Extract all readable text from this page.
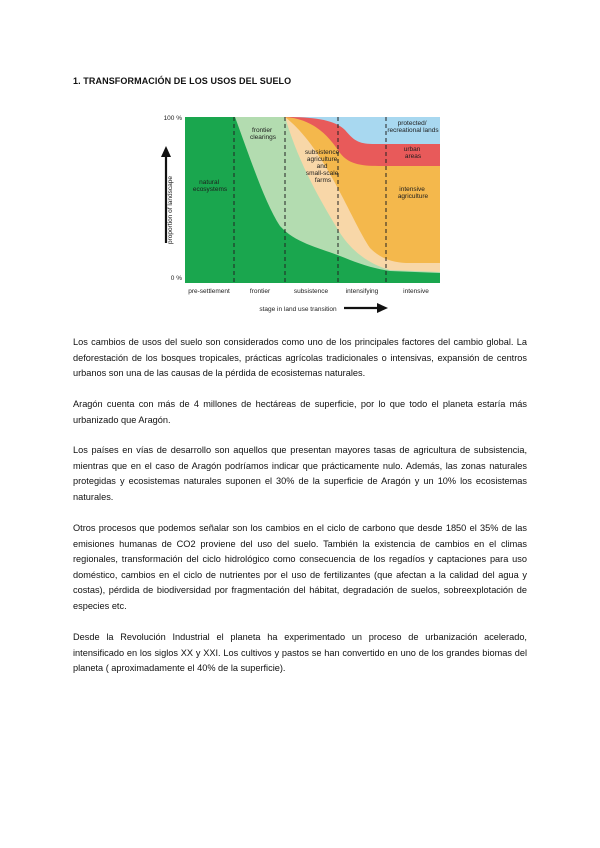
1. TRANSFORMACIÓN DE LOS USOS DEL SUELO
100 %
0 %
proportion of landscape
pre-settlement	frontier	subsistence	intensifying	intensive
stage in land use transition
natural ecosystems
frontier clearings
subsistence agriculture and small-scale farms
protected/ recreational lands
urban areas
intensive agriculture

Los cambios de usos del suelo son considerados como uno de los principales factores del cambio global. La deforestación de los bosques tropicales, prácticas agrícolas tradicionales o intensivas, expansión de centros urbanos son una de las causas de la pérdida de ecosistemas naturales.

Aragón cuenta con más de 4 millones de hectáreas de superficie, por lo que todo el planeta estaría más urbanizado que Aragón.

Los países en vías de desarrollo son aquellos que presentan mayores tasas de agricultura de subsistencia, mientras que en el caso de Aragón podríamos indicar que prácticamente nulo. Además, las zonas naturales protegidas y ecosistemas naturales suponen el 30% de la superficie de Aragón y un 10% los ecosistemas naturales.

Otros procesos que podemos señalar son los cambios en el ciclo de carbono que desde 1850 el 35% de las emisiones humanas de CO2 proviene del uso del suelo. También la existencia de cambios en el climas regionales, transformación del ciclo hidrológico como consecuencia de los regadíos y captaciones para uso doméstico, cambios en el ciclo de nutrientes por el uso de fertilizantes (que afectan a la calidad del agua y costas), pérdida de biodiversidad por fragmentación del hábitat, degradación de suelos, sobreexplotación de especies etc.

Desde la Revolución Industrial el planeta ha experimentado un proceso de urbanización acelerado, intensificado en los siglos XX y XXI. Los cultivos y pastos se han convertido en uno de los grandes biomas del planeta ( aproximadamente el 40% de la superficie).
